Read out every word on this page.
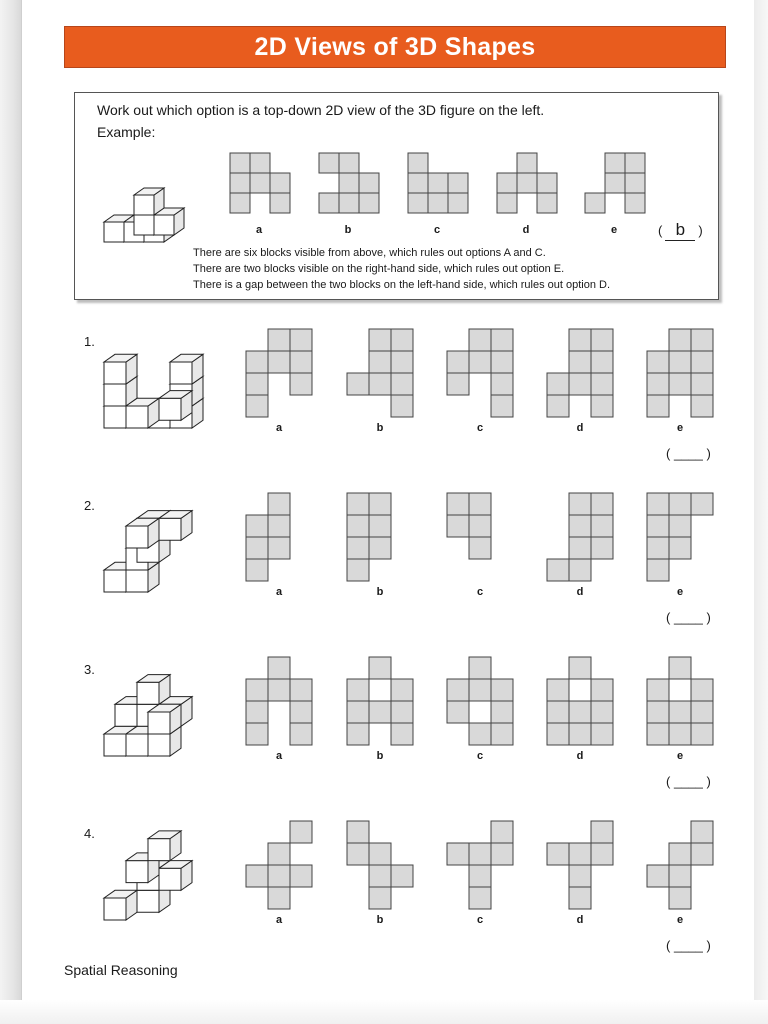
2D Views of 3D Shapes
Work out which option is a top-down 2D view of the 3D figure on the left.
Example:
There are six blocks visible from above, which rules out options A and C.
There are two blocks visible on the right-hand side, which rules out option E.
There is a gap between the two blocks on the left-hand side, which rules out option D.
Spatial Reasoning
a	b	c	d	e	( b )
1.
a	b	c	d	e
( ____ )
2.
a	b	c	d	e
( ____ )
3.
a	b	c	d	e
( ____ )
4.
a	b	c	d	e
( ____ )
